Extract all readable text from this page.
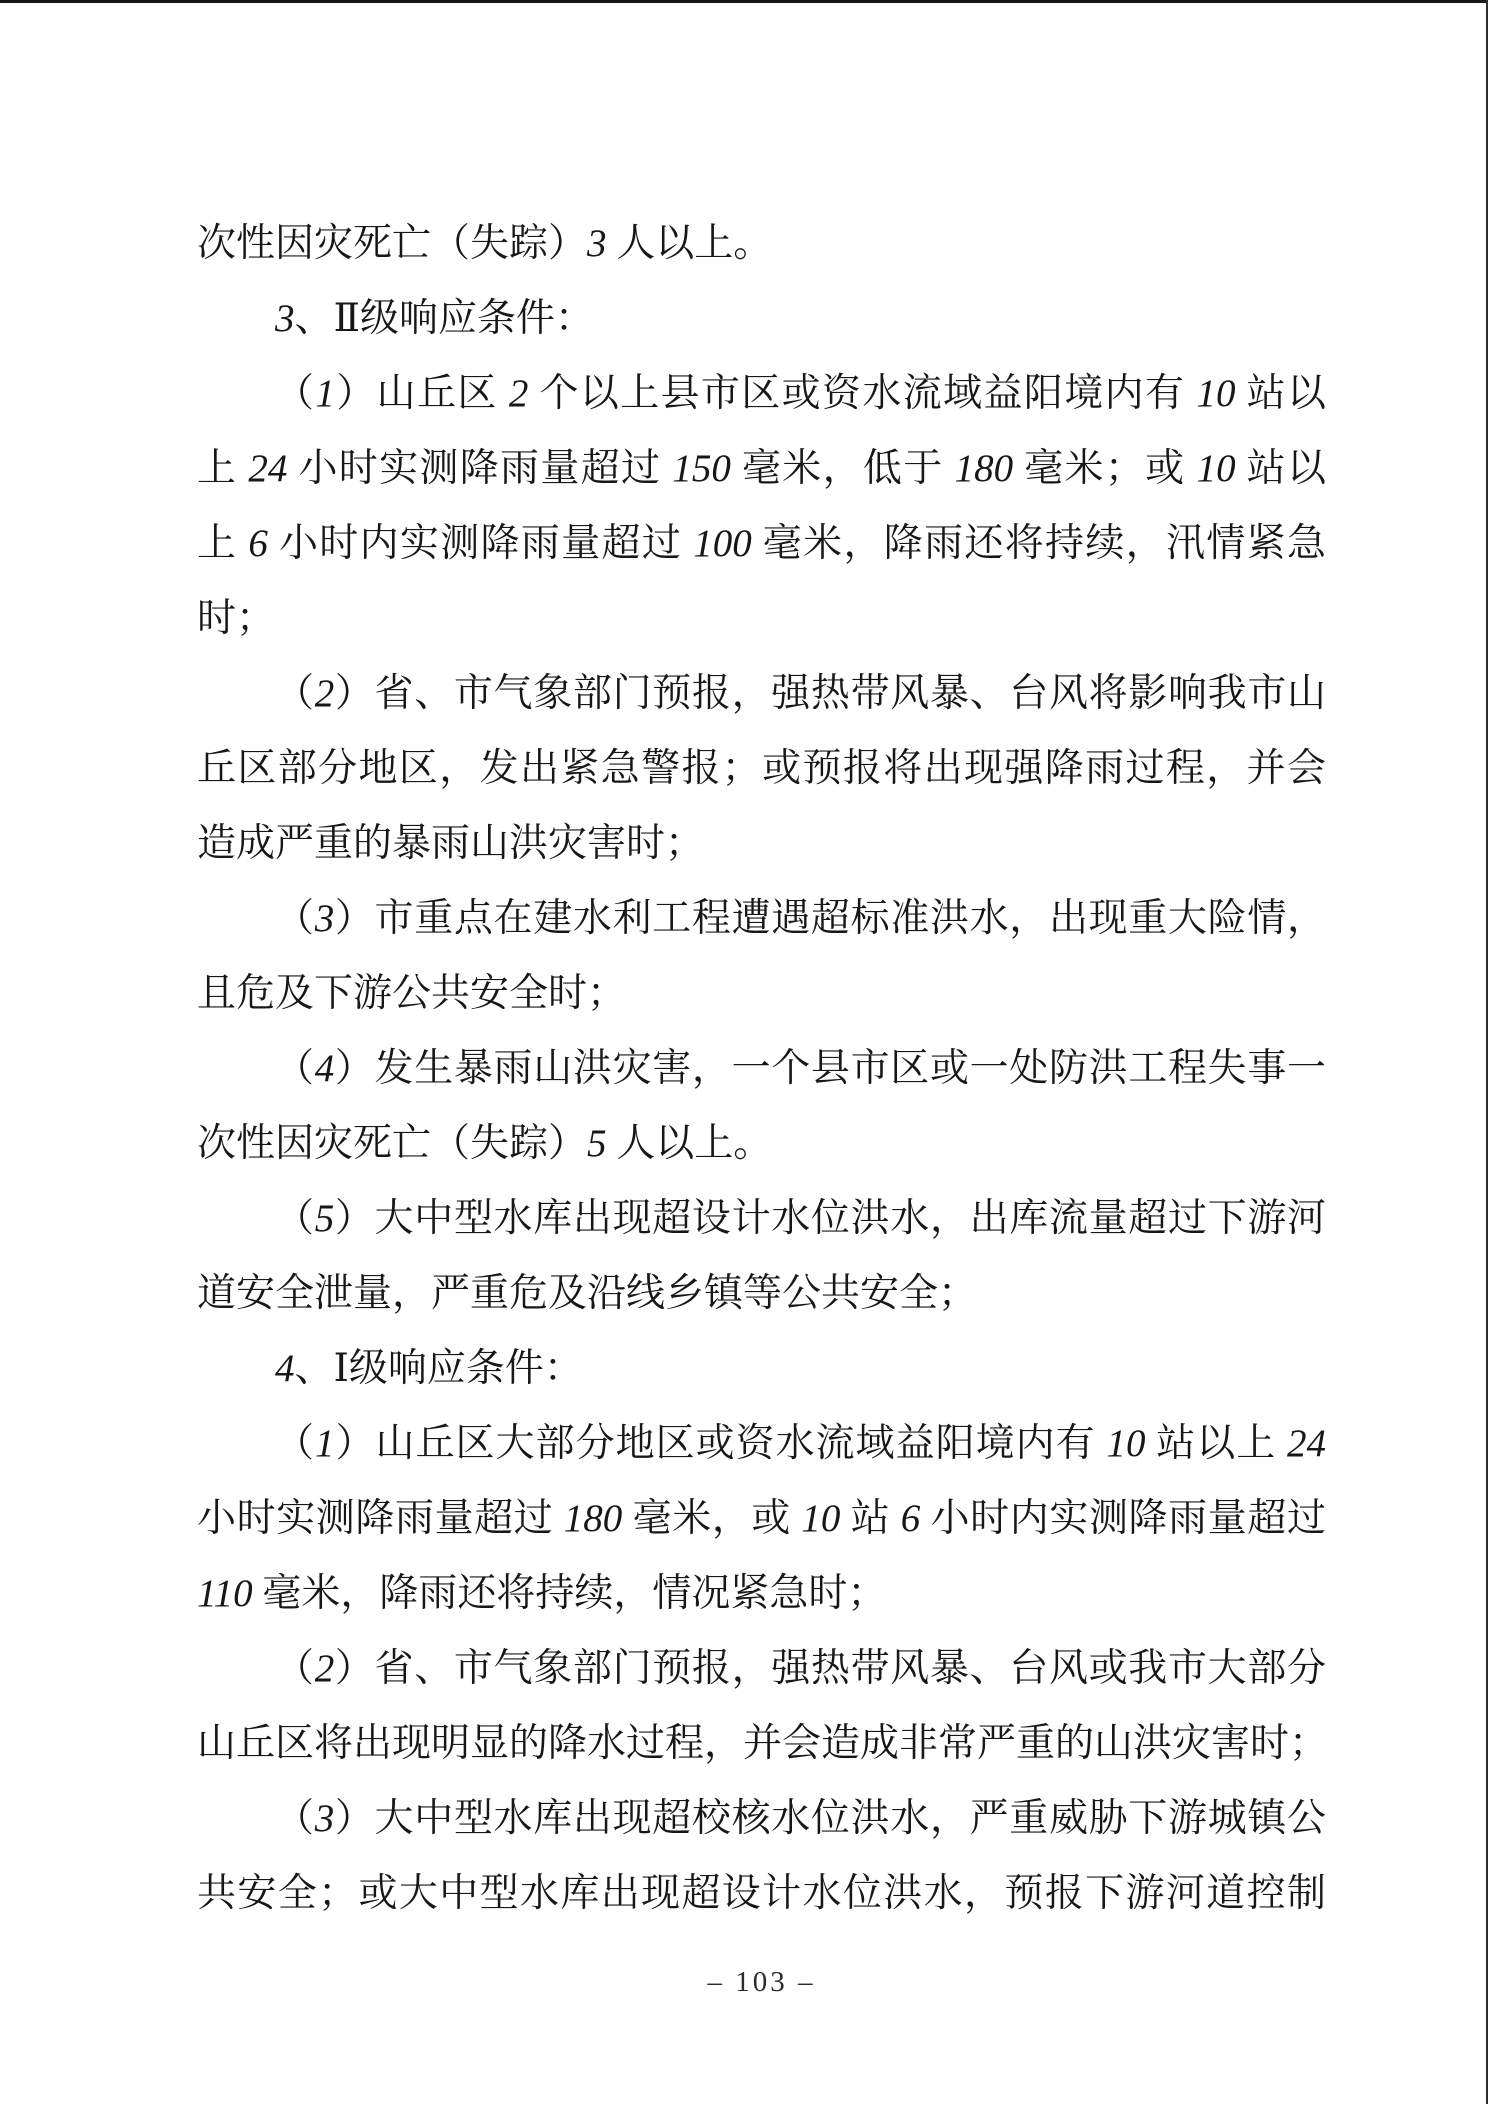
次性因灾死亡（失踪）3 人以上。
3、Ⅱ级响应条件：
（1）山丘区 2 个以上县市区或资水流域益阳境内有 10 站以
上 24 小时实测降雨量超过 150 毫米，低于 180 毫米；或 10 站以
上 6 小时内实测降雨量超过 100 毫米，降雨还将持续，汛情紧急
时；
（2）省、市气象部门预报，强热带风暴、台风将影响我市山
丘区部分地区，发出紧急警报；或预报将出现强降雨过程，并会
造成严重的暴雨山洪灾害时；
（3）市重点在建水利工程遭遇超标准洪水，出现重大险情，
且危及下游公共安全时；
（4）发生暴雨山洪灾害，一个县市区或一处防洪工程失事一
次性因灾死亡（失踪）5 人以上。
（5）大中型水库出现超设计水位洪水，出库流量超过下游河
道安全泄量，严重危及沿线乡镇等公共安全；
4、Ⅰ级响应条件：
（1）山丘区大部分地区或资水流域益阳境内有 10 站以上 24
小时实测降雨量超过 180 毫米，或 10 站 6 小时内实测降雨量超过
110 毫米，降雨还将持续，情况紧急时；
（2）省、市气象部门预报，强热带风暴、台风或我市大部分
山丘区将出现明显的降水过程，并会造成非常严重的山洪灾害时；
（3）大中型水库出现超校核水位洪水，严重威胁下游城镇公
共安全；或大中型水库出现超设计水位洪水，预报下游河道控制
– 103 –
